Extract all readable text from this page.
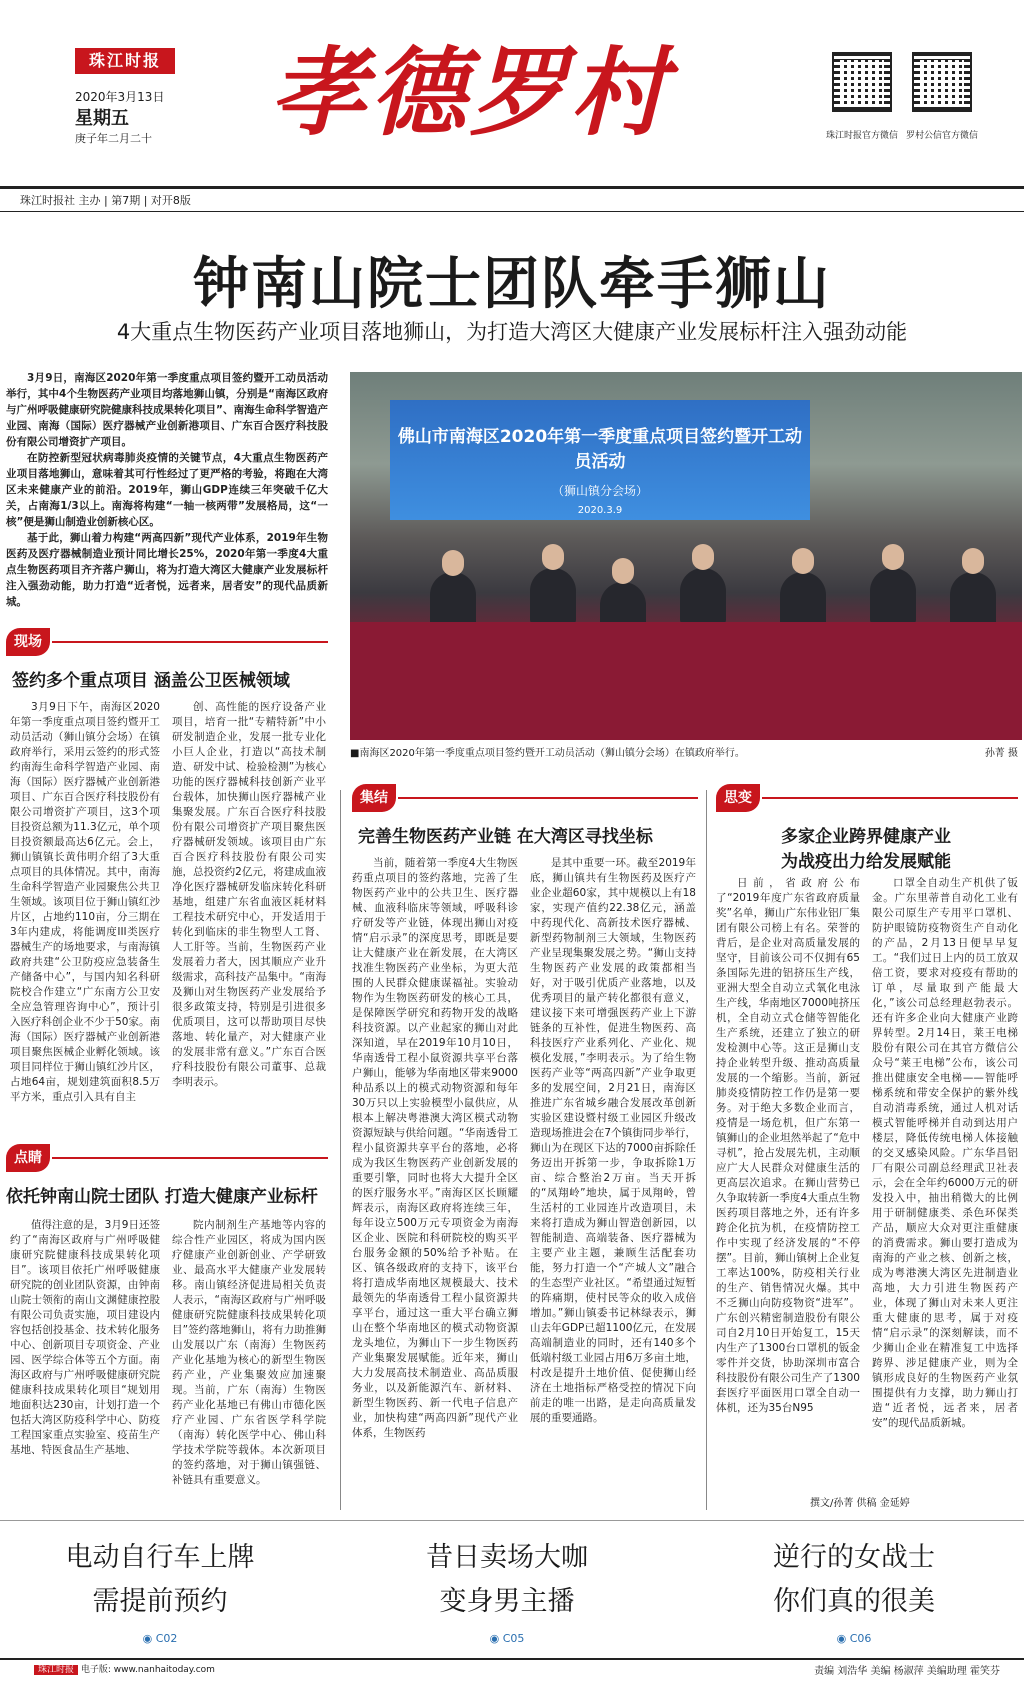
珠江时报
2020年3月13日
星期五
庚子年二月二十 孝德罗村	珠江时报官方微信 罗村公信官方微信
珠江时报社 主办 | 第7期 | 对开8版
钟南山院士团队牵手狮山
4大重点生物医药产业项目落地狮山，为打造大湾区大健康产业发展标杆注入强劲动能

3月9日，南海区2020年第一季度重点项目签约暨开工动员活动举行，其中4个生物医药产业项目均落地狮山镇，分别是“南海区政府与广州呼吸健康研究院健康科技成果转化项目”、南海生命科学智造产业园、南海（国际）医疗器械产业创新港项目、广东百合医疗科技股份有限公司增资扩产项目。

在防控新型冠状病毒肺炎疫情的关键节点，4大重点生物医药产业项目落地狮山，意味着其可行性经过了更严格的考验，将跑在大湾区未来健康产业的前沿。2019年，狮山GDP连续三年突破千亿大关，占南海1/3以上。南海将构建“一轴一核两带”发展格局，这“一核”便是狮山制造业创新核心区。

基于此，狮山着力构建“两高四新”现代产业体系，2019年生物医药及医疗器械制造业预计同比增长25%，2020年第一季度4大重点生物医药项目齐齐落户狮山，将为打造大湾区大健康产业发展标杆注入强劲动能，助力打造“近者悦，远者来，居者安”的现代品质新城。

佛山市南海区2020年第一季度重点项目签约暨开工动员活动
（狮山镇分会场）
2020.3.9
■南海区2020年第一季度重点项目签约暨开工动员活动（狮山镇分会场）在镇政府举行。	孙菁 摄
现场
签约多个重点项目 涵盖公卫医械领域

3月9日下午，南海区2020年第一季度重点项目签约暨开工动员活动（狮山镇分会场）在镇政府举行，采用云签约的形式签约南海生命科学智造产业园、南海（国际）医疗器械产业创新港项目、广东百合医疗科技股份有限公司增资扩产项目，这3个项目投资总额为11.3亿元，单个项目投资额最高达6亿元。会上，狮山镇镇长黄伟明介绍了3大重点项目的具体情况。其中，南海生命科学智造产业园聚焦公共卫生领域。该项目位于狮山镇红沙片区，占地约110亩，分三期在3年内建成，将能调度III类医疗器械生产的场地要求，与南海镇政府共建“公卫防疫应急装备生产储备中心”，与国内知名科研院校合作建立“广东南方公卫安全应急管理咨询中心”，预计引入医疗科创企业不少于50家。南海（国际）医疗器械产业创新港项目聚焦医械企业孵化领域。该项目同样位于狮山镇红沙片区，占地64亩，规划建筑面积8.5万平方米，重点引入具有自主

创、高性能的医疗设备产业项目，培育一批“专精特新”中小研发制造企业，发展一批专业化小巨人企业，打造以“高技术制造、研发中试、检验检测”为核心功能的医疗器械科技创新产业平台载体，加快狮山医疗器械产业集聚发展。广东百合医疗科技股份有限公司增资扩产项目聚焦医疗器械研发领域。该项目由广东百合医疗科技股份有限公司实施，总投资约2亿元，将建成血液净化医疗器械研发临床转化科研基地，组建广东省血液区耗材料工程技术研究中心，开发适用于转化到临床的非生物型人工肾、人工肝等。当前，生物医药产业发展着力者大，因其顺应产业升级需求，高科技产品集中。“南海及狮山对生物医药产业发展给予很多政策支持，特别是引进很多优质项目，这可以帮助项目尽快落地、转化量产，对大健康产业的发展非常有意义。”广东百合医疗科技股份有限公司董事、总裁李明表示。

点睛
依托钟南山院士团队 打造大健康产业标杆

值得注意的是，3月9日还签约了“南海区政府与广州呼吸健康研究院健康科技成果转化项目”。该项目依托广州呼吸健康研究院的创业团队资源，由钟南山院士领衔的南山文渊健康控股有限公司负责实施，项目建设内容包括创投基金、技术转化服务中心、创新项目专项资金、产业园、医学综合体等五个方面。南海区政府与广州呼吸健康研究院健康科技成果转化项目“规划用地面积达230亩，计划打造一个包括大湾区防疫科学中心、防疫工程国家重点实验室、疫苗生产基地、特医食品生产基地、

院内制剂生产基地等内容的综合性产业园区，将成为国内医疗健康产业创新创业、产学研致业、最高水平大健康产业发展转移。南山镇经济促进局相关负责人表示，“南海区政府与广州呼吸健康研究院健康科技成果转化项目”签约落地狮山，将有力助推狮山发展以广东（南海）生物医药产业化基地为核心的新型生物医药产业，产业集聚效应加速聚现。当前，广东（南海）生物医药产业化基地已有佛山市德化医疗产业园、广东省医学科学院（南海）转化医学中心、佛山科学技术学院等载体。本次新项目的签约落地，对于狮山镇强链、补链具有重要意义。

集结
完善生物医药产业链 在大湾区寻找坐标

当前，随着第一季度4大生物医药重点项目的签约落地，完善了生物医药产业中的公共卫生、医疗器械、血液科临床等领域，呼吸科诊疗研发等产业链，体现出狮山对疫情“启示录”的深度思考，即既是要让大健康产业在新发展，在大湾区找准生物医药产业坐标，为更大范围的人民群众健康谋福祉。实验动物作为生物医药研发的核心工具，是保障医学研究和药物开发的战略科技资源。以产业起家的狮山对此深知道，早在2019年10月10日，华南透骨工程小鼠资源共享平台落户狮山，能够为华南地区带来9000种品系以上的模式动物资源和每年30万只以上实验模型小鼠供应，从根本上解决粤港澳大湾区模式动物资源短缺与供给问题。“华南透骨工程小鼠资源共享平台的落地，必将成为我区生物医药产业创新发展的重要引擎，同时也将大大提升全区的医疗服务水平。”南海区区长顾耀辉表示，南海区政府将连续三年，每年设立500万元专项资金为南海区企业、医院和科研院校的购买平台服务金额的50%给予补贴。在区、镇各级政府的支持下，该平台将打造成华南地区规模最大、技术最领先的华南透骨工程小鼠资源共享平台，通过这一重大平台确立狮山在整个华南地区的模式动物资源龙头地位，为狮山下一步生物医药产业集聚发展赋能。近年来，狮山大力发展高技术制造业、高品质服务业，以及新能源汽车、新材料、新型生物医药、新一代电子信息产业，加快构建“两高四新”现代产业体系，生物医药

是其中重要一环。截至2019年底，狮山镇共有生物医药及医疗产业企业超60家，其中规模以上有18家，实现产值约22.38亿元，涵盖中药现代化、高新技术医疗器械、新型药物制剂三大领域，生物医药产业呈现集聚发展之势。“狮山支持生物医药产业发展的政策都相当好，对于吸引优质产业落地，以及优秀项目的量产转化都很有意义，建议接下来可增强医药产业上下游链条的互补性，促进生物医药、高科技医疗产业系列化、产业化、规模化发展，”李明表示。为了给生物医药产业等“两高四新”产业争取更多的发展空间，2月21日，南海区推进广东省城乡融合发展改革创新实验区建设暨村级工业园区升级改造现场推进会在7个镇街同步举行，狮山为在现区下达的7000亩拆除任务迈出开拆第一步，争取拆除1万亩、综合整治2万亩。当天开拆的“凤翔岭”地块，属于凤翔岭，曾生活村的工业园连片改造项目，未来将打造成为狮山智造创新园，以智能制造、高端装备、医疗器械为主要产业主题，兼顾生活配套功能，努力打造一个“产城人文”融合的生态型产业社区。“希望通过短暂的阵痛期，使村民等众的收入成倍增加。”狮山镇委书记林绿表示，狮山去年GDP已超1100亿元，在发展高端制造业的同时，还有140多个低端村级工业园占用6万多亩土地，村改是提升土地价值、促使狮山经济在土地指标严格受控的情况下向前走的唯一出路，是走向高质量发展的重要通路。

思变
多家企业跨界健康产业
为战疫出力给发展赋能

日前，省政府公布了“2019年度广东省政府质量奖”名单，狮山广东伟业铝厂集团有限公司榜上有名。荣誉的背后，是企业对高质量发展的坚守，目前该公司不仅拥有65条国际先进的铝挤压生产线，亚洲大型全自动立式氧化电泳生产线，华南地区7000吨挤压机，全自动立式仓储等智能化生产系统，还建立了独立的研发检测中心等。这正是狮山支持企业转型升级、推动高质量发展的一个缩影。当前，新冠肺炎疫情防控工作仍是第一要务。对于绝大多数企业而言，疫情是一场危机，但广东第一镇狮山的企业坦然举起了“危中寻机”，抢占发展先机，主动顺应广大人民群众对健康生活的更高层次追求。在狮山营势已久争取转新一季度4大重点生物医药项目落地之外，还有许多跨企化抗为机，在疫情防控工作中实现了经济发展的“不停摆”。目前，狮山镇树上企业复工率达100%，防疫相关行业的生产、销售情况火爆。其中不乏狮山向防疫物资“进军”。广东创兴精密制造股份有限公司自2月10日开始复工，15天内生产了1300台口罩机的钣金零件并交货，协助深圳市富合科技股份有限公司生产了1300套医疗平面医用口罩全自动一体机，还为35台N95

口罩全自动生产机供了钣金。广东里蒂普自动化工业有限公司原生产专用平口罩机、防护眼镜防疫物资生产自动化的产品，2月13日便早早复工。“我们过日上内的员工放双倍工资，要求对疫疫有帮助的订单，尽量取到产能最大化，”该公司总经理赵勃表示。还有许多企业向大健康产业跨界转型。2月14日，莱王电梯股份有限公司在其官方微信公众号“莱王电梯”公布，该公司推出健康安全电梯——智能呼梯系统和带安全保护的紫外线自动消毒系统，通过人机对话模式智能呼梯并自动到达用户楼层，降低传统电梯人体接触的交叉感染风险。广东华昌铝厂有限公司副总经理武卫社表示，会在全年约6000万元的研发投入中，抽出稍微大的比例用于研制健康类、杀色环保类产品，顺应大众对更注重健康的消费需求。狮山要打造成为南海的产业之核、创新之核，成为粤港澳大湾区先进制造业高地，大力引进生物医药产业，体现了狮山对未来人更注重大健康的思考，属于对疫情“启示录”的深刻解读，而不少狮山企业在精准复工中选择跨界、涉足健康产业，则为全镇形成良好的生物医药产业氛围提供有力支撑，助力狮山打造“近者悦，远者来，居者安”的现代品质新城。

撰文/孙菁 供稿 金延婷
电动自行车上牌
需提前预约
◉ C02
昔日卖场大咖
变身男主播
◉ C05
逆行的女战士
你们真的很美
◉ C06
珠江时报 电子版: www.nanhaitoday.com	责编 刘浩华 美编 杨淑萍 美编助理 霍笑芬
